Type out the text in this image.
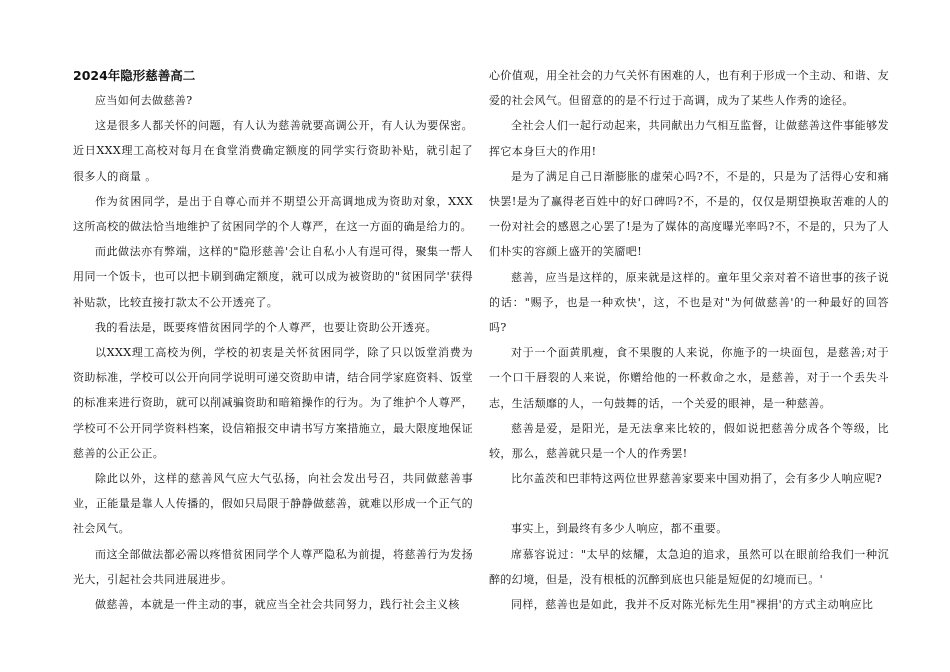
2024年隐形慈善高二

应当如何去做慈善?

这是很多人都关怀的问题，有人认为慈善就要高调公开，有人认为要保密。近日XXX理工高校对每月在食堂消费确定额度的同学实行资助补贴，就引起了很多人的商量 。

作为贫困同学，是出于自尊心而并不期望公开高调地成为资助对象，XXX这所高校的做法恰当地维护了贫困同学的个人尊严，在这一方面的确是给力的。

而此做法亦有弊端，这样的"隐形慈善'会让自私小人有逞可得，聚集一帮人用同一个饭卡，也可以把卡刷到确定额度，就可以成为被资助的"贫困同学'获得补贴款，比较直接打款太不公开透亮了。

我的看法是，既要疼惜贫困同学的个人尊严，也要让资助公开透亮。

以XXX理工高校为例，学校的初衷是关怀贫困同学，除了只以饭堂消费为资助标准，学校可以公开向同学说明可递交资助申请，结合同学家庭资料、饭堂的标准来进行资助，就可以削减骗资助和暗箱操作的行为。为了维护个人尊严，学校可不公开同学资料档案，设信箱报交申请书写方案措施立，最大限度地保证慈善的公正公正。

除此以外，这样的慈善风气应大气弘扬，向社会发出号召，共同做慈善事业，正能量是靠人人传播的，假如只局限于静静做慈善，就难以形成一个正气的社会风气。

而这全部做法都必需以疼惜贫困同学个人尊严隐私为前提，将慈善行为发扬光大，引起社会共同进展进步。

做慈善，本就是一件主动的事，就应当全社会共同努力，践行社会主义核

心价值观，用全社会的力气关怀有困难的人，也有利于形成一个主动、和谐、友爱的社会风气。但留意的的是不行过于高调，成为了某些人作秀的途径。

全社会人们一起行动起来，共同献出力气相互监督，让做慈善这件事能够发挥它本身巨大的作用!

是为了满足自己日渐膨胀的虚荣心吗?不，不是的，只是为了活得心安和痛快罢!是为了赢得老百姓中的好口碑吗?不，不是的，仅仅是期望换取苦难的人的一份对社会的感恩之心罢了!是为了媒体的高度曝光率吗?不，不是的，只为了人们朴实的容颜上盛开的笑靥吧!

慈善，应当是这样的，原来就是这样的。童年里父亲对着不谙世事的孩子说的话："赐予，也是一种欢快'，这，不也是对"为何做慈善'的一种最好的回答吗?

对于一个面黄肌瘦，食不果腹的人来说，你施予的一块面包，是慈善;对于一个口干唇裂的人来说，你赠给他的一杯救命之水，是慈善，对于一个丢失斗志，生活颓靡的人，一句鼓舞的话，一个关爱的眼神，是一种慈善。

慈善是爱，是阳光，是无法拿来比较的，假如说把慈善分成各个等级，比较，那么，慈善就只是一个人的作秀罢!

比尔盖茨和巴菲特这两位世界慈善家要来中国劝捐了，会有多少人响应呢?

事实上，到最终有多少人响应，都不重要。

席慕容说过："太早的炫耀，太急迫的追求，虽然可以在眼前给我们一种沉醉的幻境，但是，没有根柢的沉醉到底也只能是短促的幻境而已。'

同样，慈善也是如此，我并不反对陈光标先生用"裸捐'的方式主动响应比
